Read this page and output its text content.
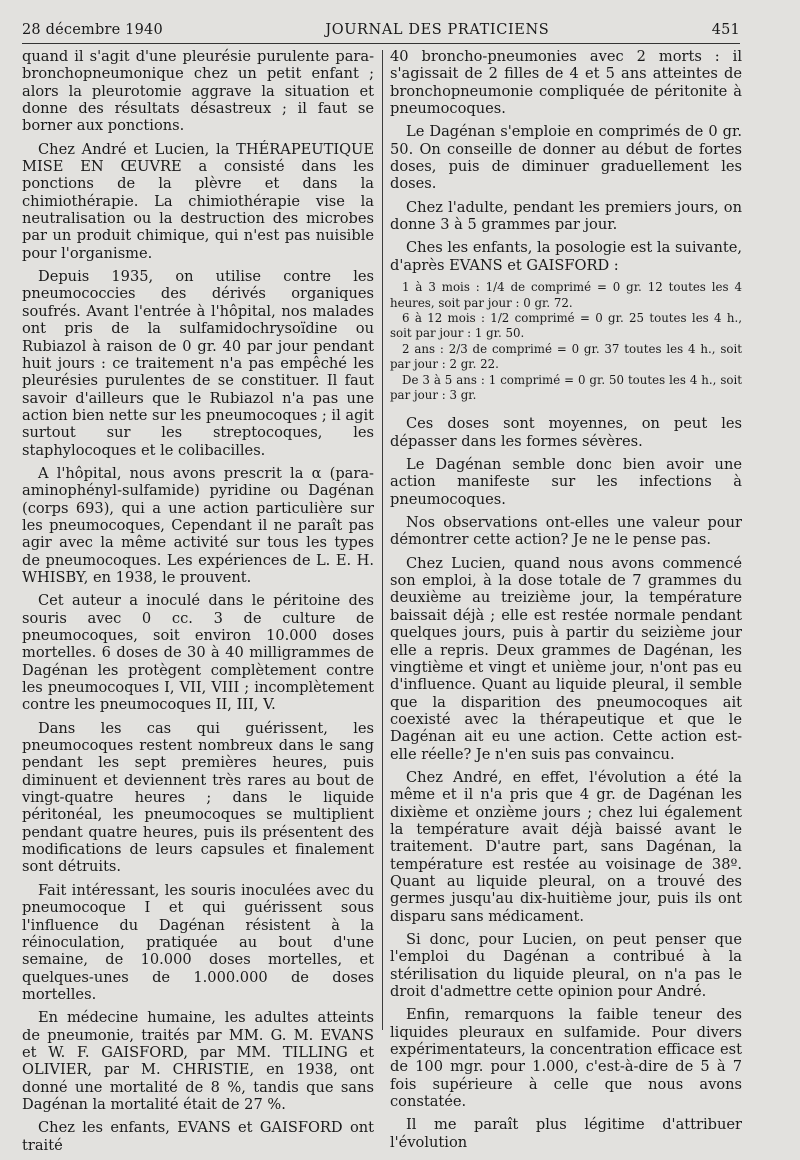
28 décembre 1940	JOURNAL DES PRATICIENS	451

quand il s'agit d'une pleurésie purulente para-bronchopneumonique chez un petit enfant ; alors la pleurotomie aggrave la situation et donne des résultats désastreux ; il faut se borner aux ponctions.

Chez André et Lucien, la THÉRAPEUTIQUE MISE EN ŒUVRE a consisté dans les ponctions de la plèvre et dans la chimiothérapie. La chimiothérapie vise la neutralisation ou la destruction des microbes par un produit chimique, qui n'est pas nuisible pour l'organisme.

Depuis 1935, on utilise contre les pneumococcies des dérivés organiques soufrés. Avant l'entrée à l'hôpital, nos malades ont pris de la sulfamidochrysoïdine ou Rubiazol à raison de 0 gr. 40 par jour pendant huit jours : ce traitement n'a pas empêché les pleurésies purulentes de se constituer. Il faut savoir d'ailleurs que le Rubiazol n'a pas une action bien nette sur les pneumocoques ; il agit surtout sur les streptocoques, les staphylocoques et le colibacilles.

A l'hôpital, nous avons prescrit la α (para-aminophényl-sulfamide) pyridine ou Dagénan (corps 693), qui a une action particulière sur les pneumocoques, Cependant il ne paraît pas agir avec la même activité sur tous les types de pneumocoques. Les expériences de L. E. H. WHISBY, en 1938, le prouvent.

Cet auteur a inoculé dans le péritoine des souris avec 0 cc. 3 de culture de pneumocoques, soit environ 10.000 doses mortelles. 6 doses de 30 à 40 milligrammes de Dagénan les protègent complètement contre les pneumocoques I, VII, VIII ; incomplètement contre les pneumocoques II, III, V.

Dans les cas qui guérissent, les pneumocoques restent nombreux dans le sang pendant les sept premières heures, puis diminuent et deviennent très rares au bout de vingt-quatre heures ; dans le liquide péritonéal, les pneumocoques se multiplient pendant quatre heures, puis ils présentent des modifications de leurs capsules et finalement sont détruits.

Fait intéressant, les souris inoculées avec du pneumocoque I et qui guérissent sous l'influence du Dagénan résistent à la réinoculation, pratiquée au bout d'une semaine, de 10.000 doses mortelles, et quelques-unes de 1.000.000 de doses mortelles.

En médecine humaine, les adultes atteints de pneumonie, traités par MM. G. M. EVANS et W. F. GAISFORD, par MM. TILLING et OLIVIER, par M. CHRISTIE, en 1938, ont donné une mortalité de 8 %, tandis que sans Dagénan la mortalité était de 27 %.

Chez les enfants, EVANS et GAISFORD ont traité

40 broncho-pneumonies avec 2 morts : il s'agissait de 2 filles de 4 et 5 ans atteintes de bronchopneumonie compliquée de péritonite à pneumocoques.

Le Dagénan s'emploie en comprimés de 0 gr. 50. On conseille de donner au début de fortes doses, puis de diminuer graduellement les doses.

Chez l'adulte, pendant les premiers jours, on donne 3 à 5 grammes par jour.

Ches les enfants, la posologie est la suivante, d'après EVANS et GAISFORD :

1 à 3 mois : 1/4 de comprimé = 0 gr. 12 toutes les 4 heures, soit par jour : 0 gr. 72.

6 à 12 mois : 1/2 comprimé = 0 gr. 25 toutes les 4 h., soit par jour : 1 gr. 50.

2 ans : 2/3 de comprimé = 0 gr. 37 toutes les 4 h., soit par jour : 2 gr. 22.

De 3 à 5 ans : 1 comprimé = 0 gr. 50 toutes les 4 h., soit par jour : 3 gr.

Ces doses sont moyennes, on peut les dépasser dans les formes sévères.

Le Dagénan semble donc bien avoir une action manifeste sur les infections à pneumocoques.

Nos observations ont-elles une valeur pour démontrer cette action? Je ne le pense pas.

Chez Lucien, quand nous avons commencé son emploi, à la dose totale de 7 grammes du deuxième au treizième jour, la température baissait déjà ; elle est restée normale pendant quelques jours, puis à partir du seizième jour elle a repris. Deux grammes de Dagénan, les vingtième et vingt et unième jour, n'ont pas eu d'influence. Quant au liquide pleural, il semble que la disparition des pneumocoques ait coexisté avec la thérapeutique et que le Dagénan ait eu une action. Cette action est-elle réelle? Je n'en suis pas convaincu.

Chez André, en effet, l'évolution a été la même et il n'a pris que 4 gr. de Dagénan les dixième et onzième jours ; chez lui également la température avait déjà baissé avant le traitement. D'autre part, sans Dagénan, la température est restée au voisinage de 38º. Quant au liquide pleural, on a trouvé des germes jusqu'au dix-huitième jour, puis ils ont disparu sans médicament.

Si donc, pour Lucien, on peut penser que l'emploi du Dagénan a contribué à la stérilisation du liquide pleural, on n'a pas le droit d'admettre cette opinion pour André.

Enfin, remarquons la faible teneur des liquides pleuraux en sulfamide. Pour divers expérimentateurs, la concentration efficace est de 100 mgr. pour 1.000, c'est-à-dire de 5 à 7 fois supérieure à celle que nous avons constatée.

Il me paraît plus légitime d'attribuer l'évolution
